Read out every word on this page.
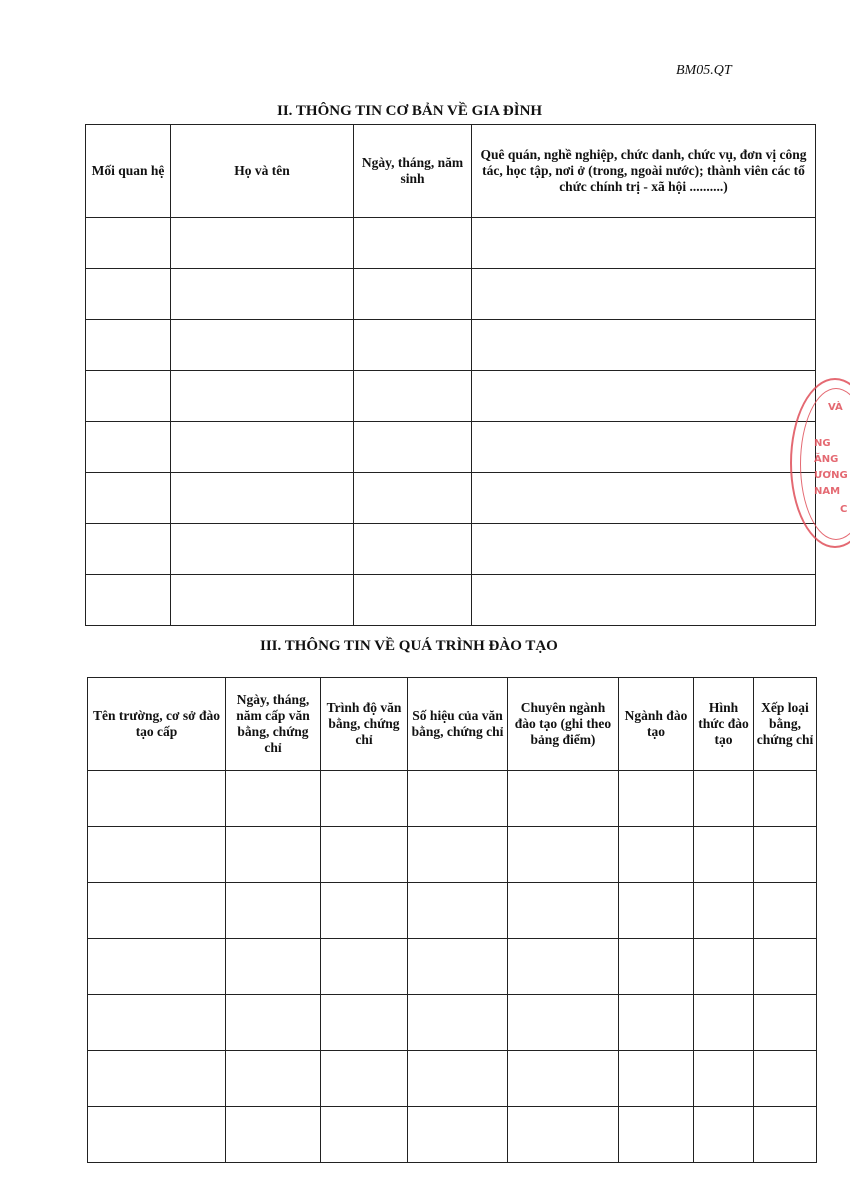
BM05.QT
II. THÔNG TIN CƠ BẢN VỀ GIA ĐÌNH
Mối quan hệ	Họ và tên	Ngày, tháng, năm sinh	Quê quán, nghề nghiệp, chức danh, chức vụ, đơn vị công tác, học tập, nơi ở (trong, ngoài nước); thành viên các tổ chức chính trị - xã hội ..........)

III. THÔNG TIN VỀ QUÁ TRÌNH ĐÀO TẠO
Tên trường, cơ sở đào tạo cấp	Ngày, tháng, năm cấp văn bằng, chứng chỉ	Trình độ văn bằng, chứng chỉ	Số hiệu của văn bằng, chứng chỉ	Chuyên ngành đào tạo (ghi theo bảng điểm)	Ngành đào tạo	Hình thức đào tạo	Xếp loại bằng, chứng chỉ

VÀ
NG
ĂNG
ƯƠNG
NAM
C
